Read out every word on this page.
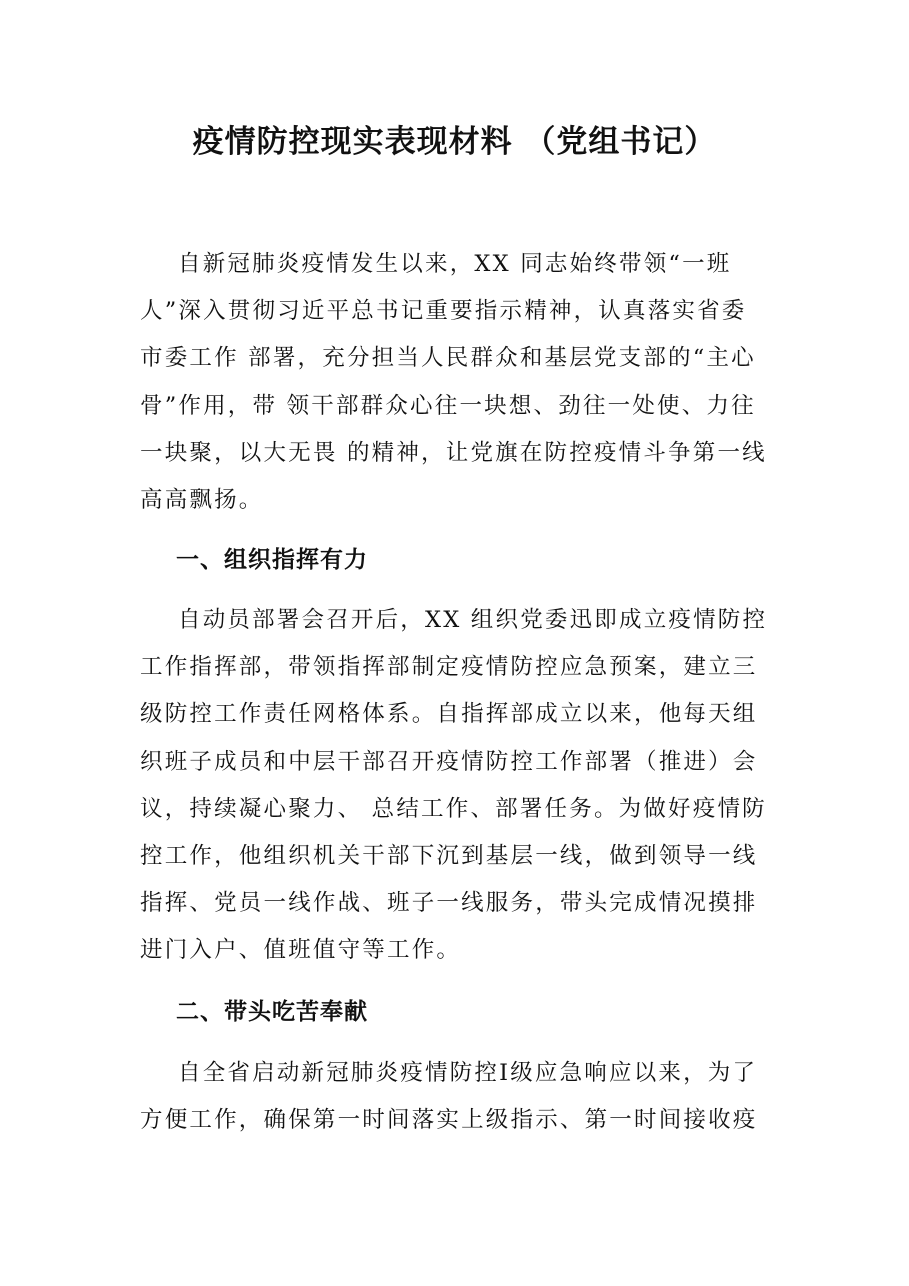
疫情防控现实表现材料 （党组书记）
自新冠肺炎疫情发生以来，XX 同志始终带领“一班
人”深入贯彻习近平总书记重要指示精神，认真落实省委
市委工作 部署，充分担当人民群众和基层党支部的“主心
骨”作用，带 领干部群众心往一块想、劲往一处使、力往
一块聚，以大无畏 的精神，让党旗在防控疫情斗争第一线
高高飘扬。
一、组织指挥有力
自动员部署会召开后，XX 组织党委迅即成立疫情防控
工作指挥部，带领指挥部制定疫情防控应急预案，建立三
级防控工作责任网格体系。自指挥部成立以来，他每天组
织班子成员和中层干部召开疫情防控工作部署（推进）会
议，持续凝心聚力、 总结工作、部署任务。为做好疫情防
控工作，他组织机关干部下沉到基层一线，做到领导一线
指挥、党员一线作战、班子一线服务，带头完成情况摸排
进门入户、值班值守等工作。
二、带头吃苦奉献
自全省启动新冠肺炎疫情防控Ⅰ级应急响应以来，为了
方便工作，确保第一时间落实上级指示、第一时间接收疫
